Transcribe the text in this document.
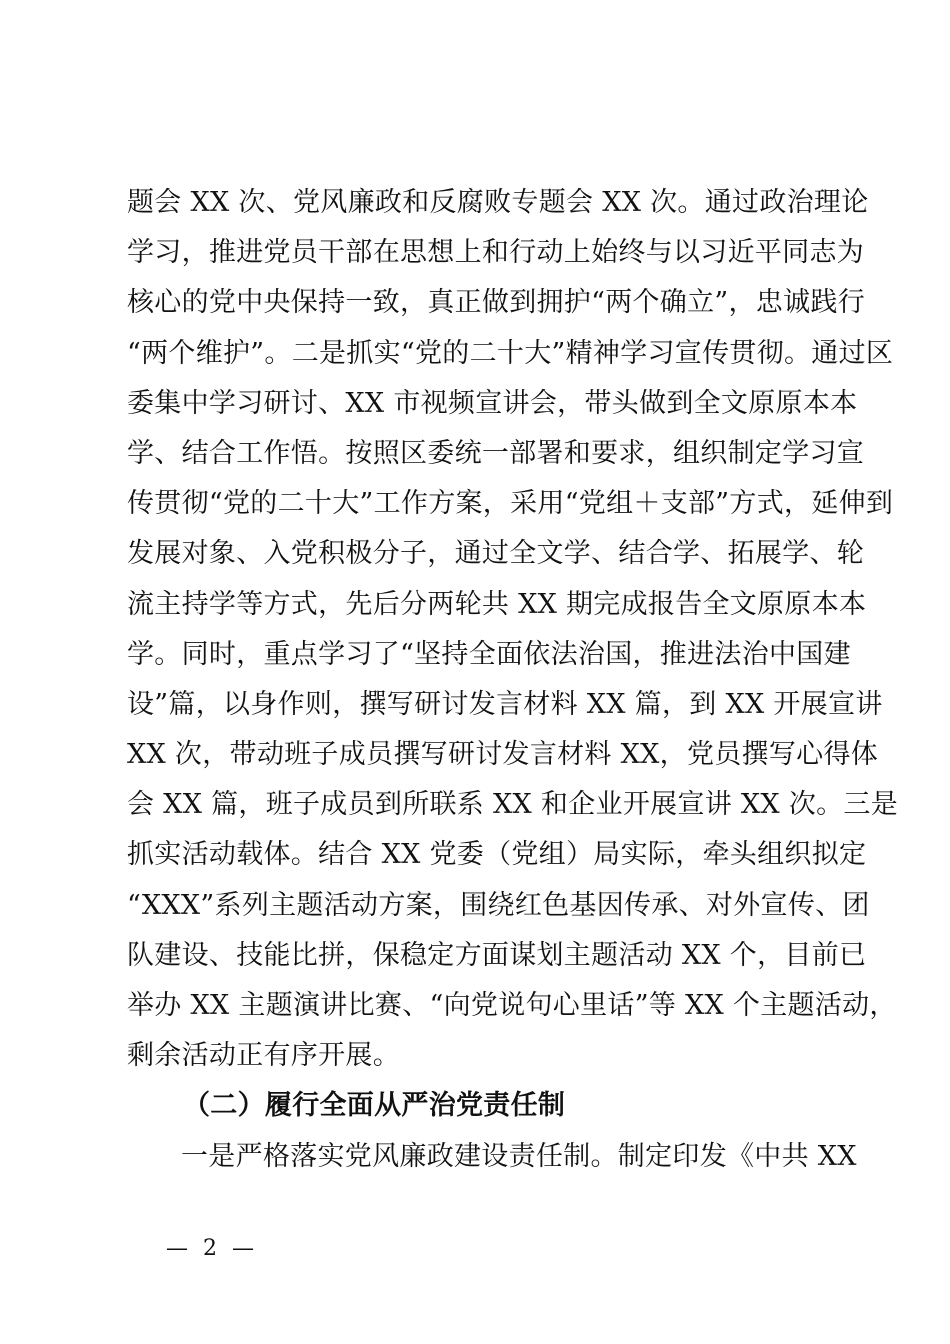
题会 XX 次、党风廉政和反腐败专题会 XX 次。通过政治理论
学习，推进党员干部在思想上和行动上始终与以习近平同志为
核心的党中央保持一致，真正做到拥护“两个确立”，忠诚践行
“两个维护”。二是抓实“党的二十大”精神学习宣传贯彻。通过区
委集中学习研讨、XX 市视频宣讲会，带头做到全文原原本本
学、结合工作悟。按照区委统一部署和要求，组织制定学习宣
传贯彻“党的二十大”工作方案，采用“党组＋支部”方式，延伸到
发展对象、入党积极分子，通过全文学、结合学、拓展学、轮
流主持学等方式，先后分两轮共 XX 期完成报告全文原原本本
学。同时，重点学习了“坚持全面依法治国，推进法治中国建
设”篇，以身作则，撰写研讨发言材料 XX 篇，到 XX 开展宣讲
XX 次，带动班子成员撰写研讨发言材料 XX，党员撰写心得体
会 XX 篇，班子成员到所联系 XX 和企业开展宣讲 XX 次。三是
抓实活动载体。结合 XX 党委（党组）局实际，牵头组织拟定
“XXX”系列主题活动方案，围绕红色基因传承、对外宣传、团
队建设、技能比拼，保稳定方面谋划主题活动 XX 个，目前已
举办 XX 主题演讲比赛、“向党说句心里话”等 XX 个主题活动，
剩余活动正有序开展。
（二）履行全面从严治党责任制
一是严格落实党风廉政建设责任制。制定印发《中共 XX
— 2 —
